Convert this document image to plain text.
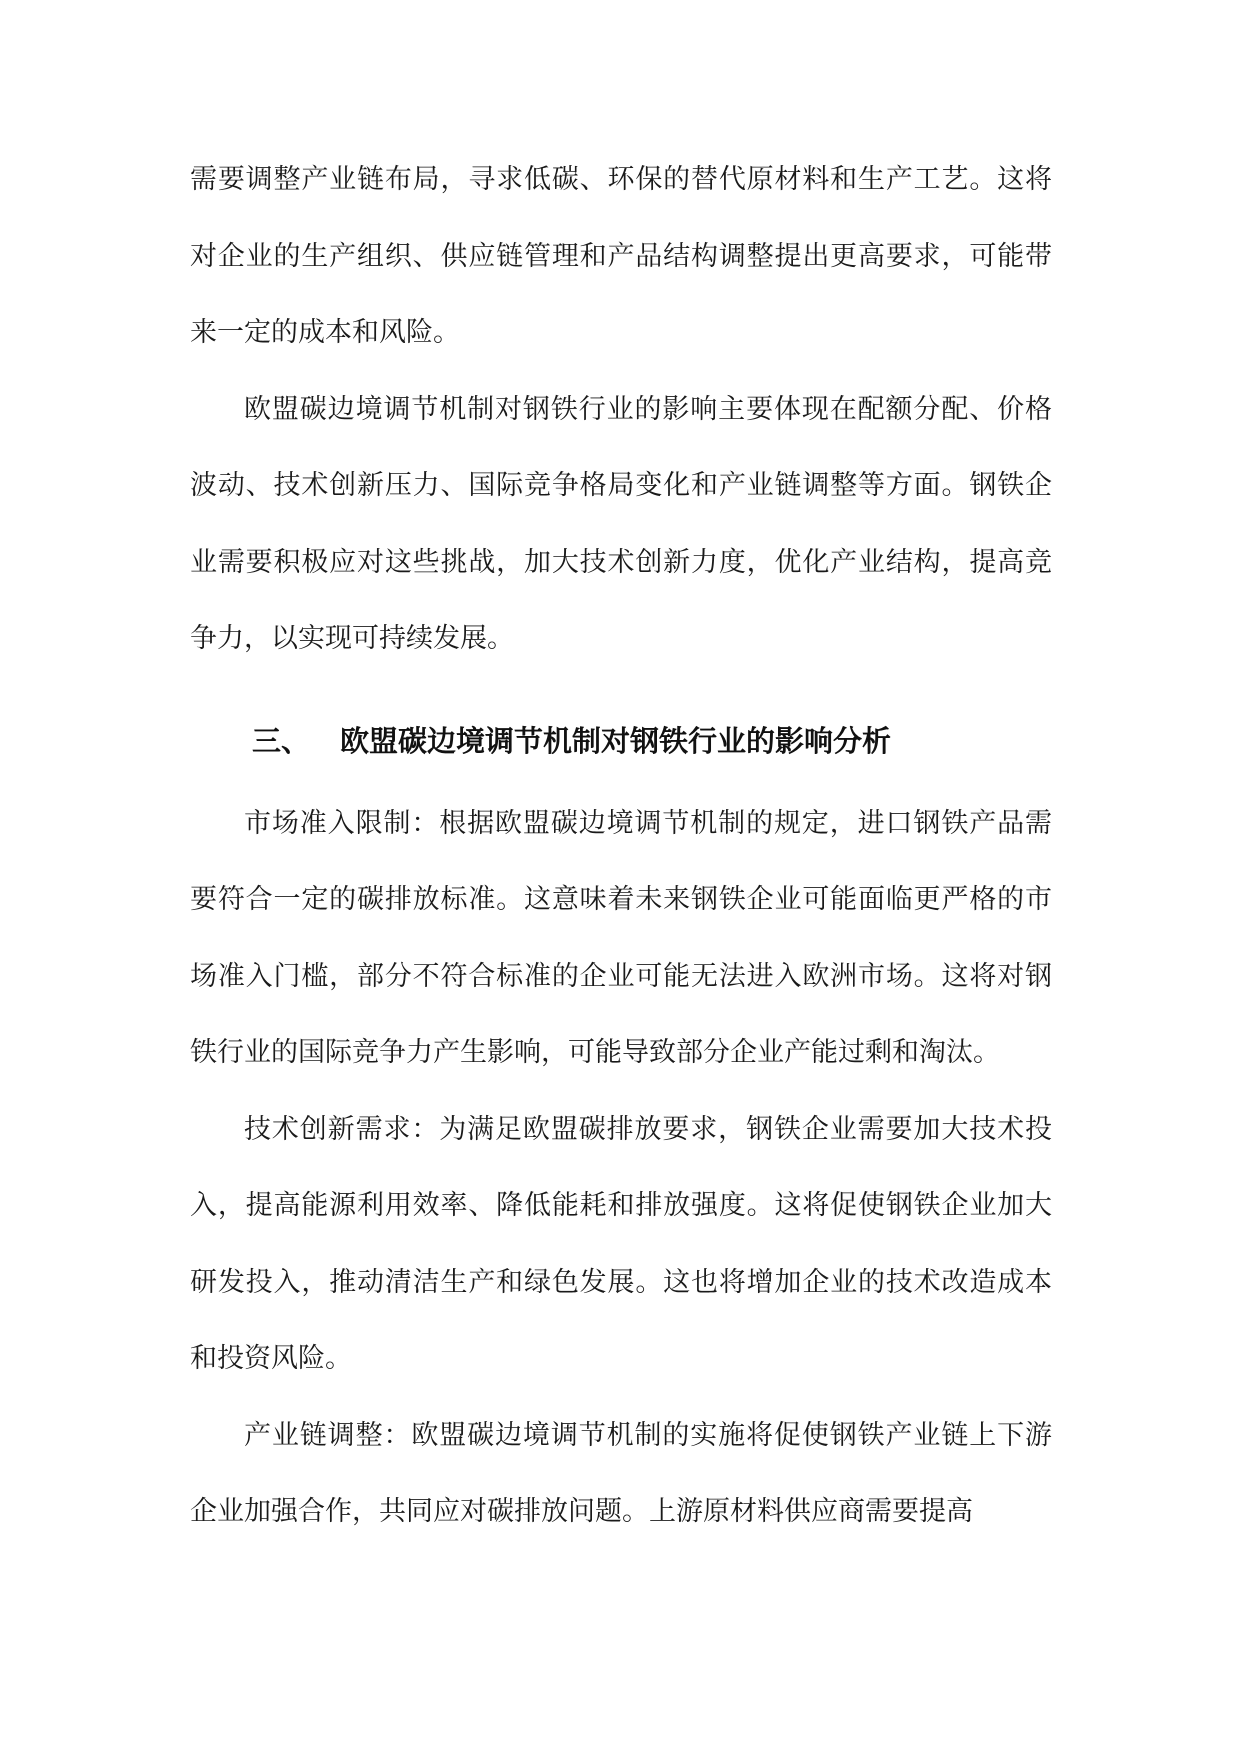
需要调整产业链布局，寻求低碳、环保的替代原材料和生产工艺。这将对企业的生产组织、供应链管理和产品结构调整提出更高要求，可能带来一定的成本和风险。

欧盟碳边境调节机制对钢铁行业的影响主要体现在配额分配、价格波动、技术创新压力、国际竞争格局变化和产业链调整等方面。钢铁企业需要积极应对这些挑战，加大技术创新力度，优化产业结构，提高竞争力，以实现可持续发展。

三、 欧盟碳边境调节机制对钢铁行业的影响分析

市场准入限制：根据欧盟碳边境调节机制的规定，进口钢铁产品需要符合一定的碳排放标准。这意味着未来钢铁企业可能面临更严格的市场准入门槛，部分不符合标准的企业可能无法进入欧洲市场。这将对钢铁行业的国际竞争力产生影响，可能导致部分企业产能过剩和淘汰。

技术创新需求：为满足欧盟碳排放要求，钢铁企业需要加大技术投入，提高能源利用效率、降低能耗和排放强度。这将促使钢铁企业加大研发投入，推动清洁生产和绿色发展。这也将增加企业的技术改造成本和投资风险。

产业链调整：欧盟碳边境调节机制的实施将促使钢铁产业链上下游企业加强合作，共同应对碳排放问题。上游原材料供应商需要提高
